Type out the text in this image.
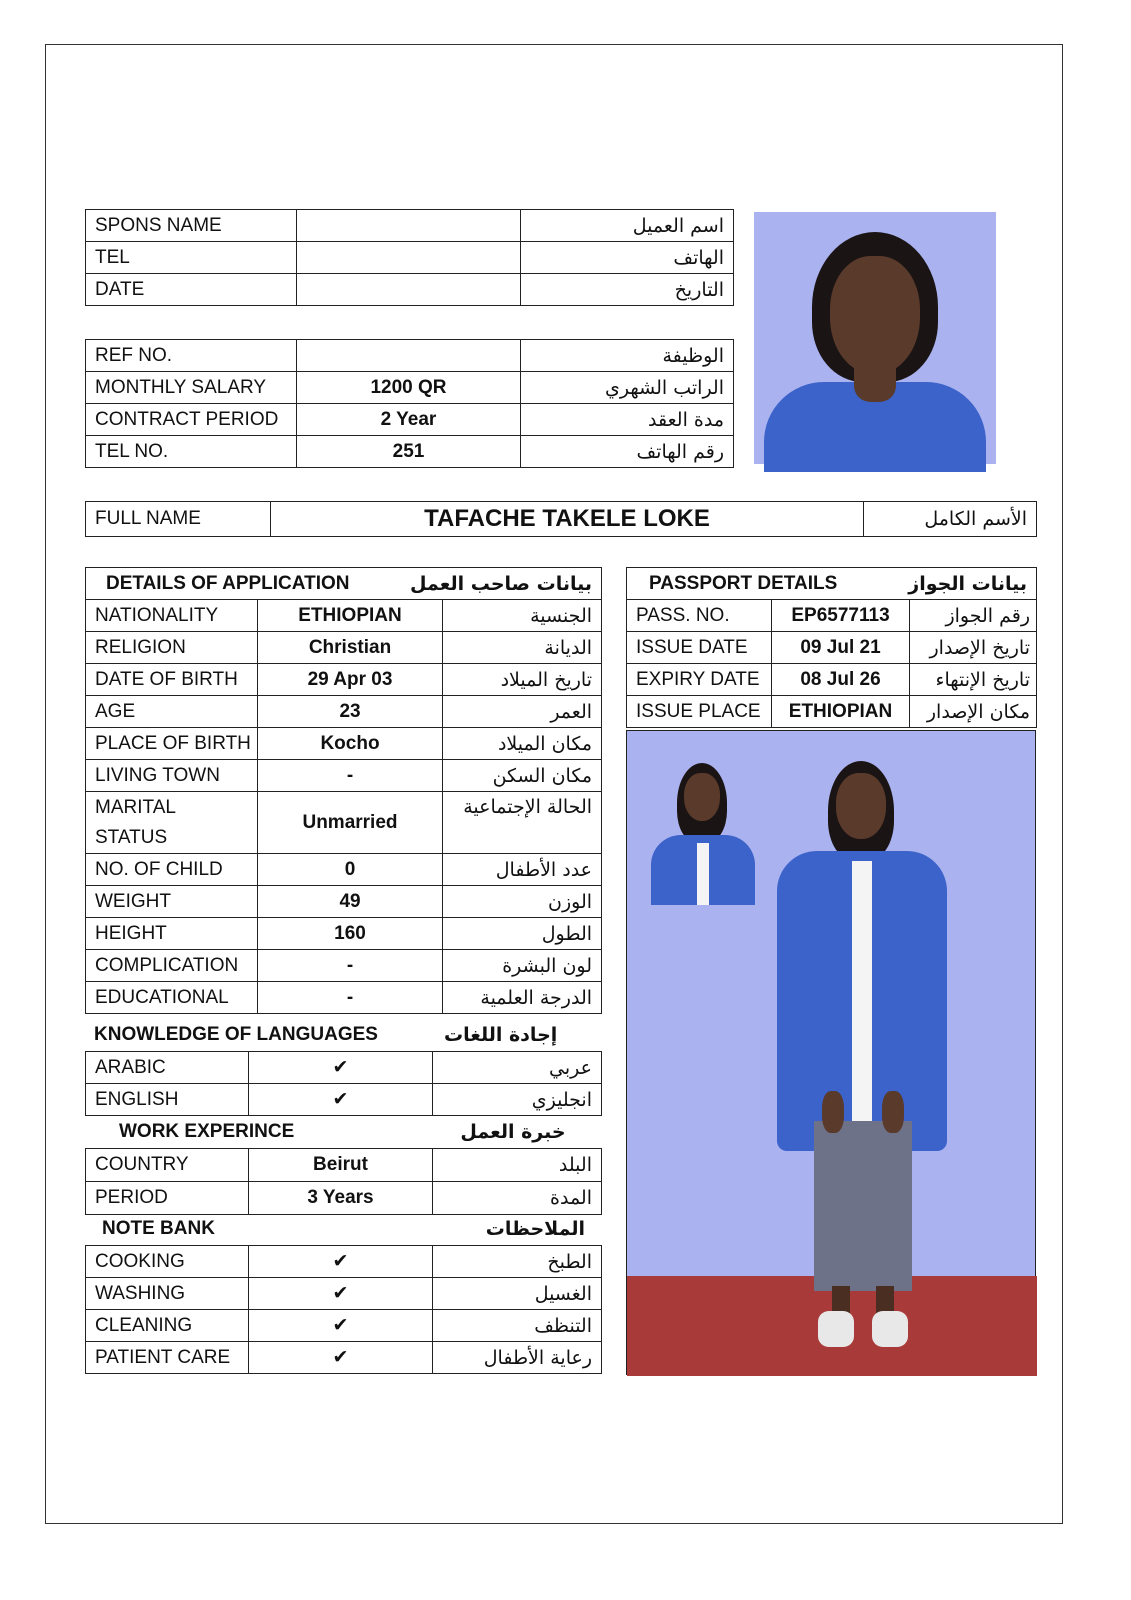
SPONS NAME		اسم العميل
TEL		الهاتف
DATE		التاريخ
REF NO.		الوظيفة
MONTHLY SALARY	1200 QR	الراتب الشهري
CONTRACT PERIOD	2 Year	مدة العقد
TEL NO.	251	رقم الهاتف
FULL NAME	TAFACHE TAKELE LOKE	الأسم الكامل
DETAILS OF APPLICATION		بيانات صاحب العمل
NATIONALITY	ETHIOPIAN	الجنسية
RELIGION	Christian	الديانة
DATE OF BIRTH	29 Apr 03	تاريخ الميلاد
AGE	23	العمر
PLACE OF BIRTH	Kocho	مكان الميلاد
LIVING TOWN	-	مكان السكن
MARITAL STATUS	Unmarried	الحالة الإجتماعية
NO. OF CHILD	0	عدد الأطفال
WEIGHT	49	الوزن
HEIGHT	160	الطول
COMPLICATION	-	لون البشرة
EDUCATIONAL	-	الدرجة العلمية
KNOWLEDGE OF LANGUAGES	إجادة اللغات
ARABIC	✔	عربي
ENGLISH	✔	انجليزي
WORK EXPERINCE	خبرة العمل
COUNTRY	Beirut	البلد
PERIOD	3 Years	المدة
NOTE BANK	الملاحظات
COOKING	✔	الطبخ
WASHING	✔	الغسيل
CLEANING	✔	التنظف
PATIENT CARE	✔	رعاية الأطفال
PASSPORT DETAILS		بيانات الجواز
PASS. NO.	EP6577113	رقم الجواز
ISSUE DATE	09 Jul 21	تاريخ الإصدار
EXPIRY DATE	08 Jul 26	تاريخ الإنتهاء
ISSUE PLACE	ETHIOPIAN	مكان الإصدار
